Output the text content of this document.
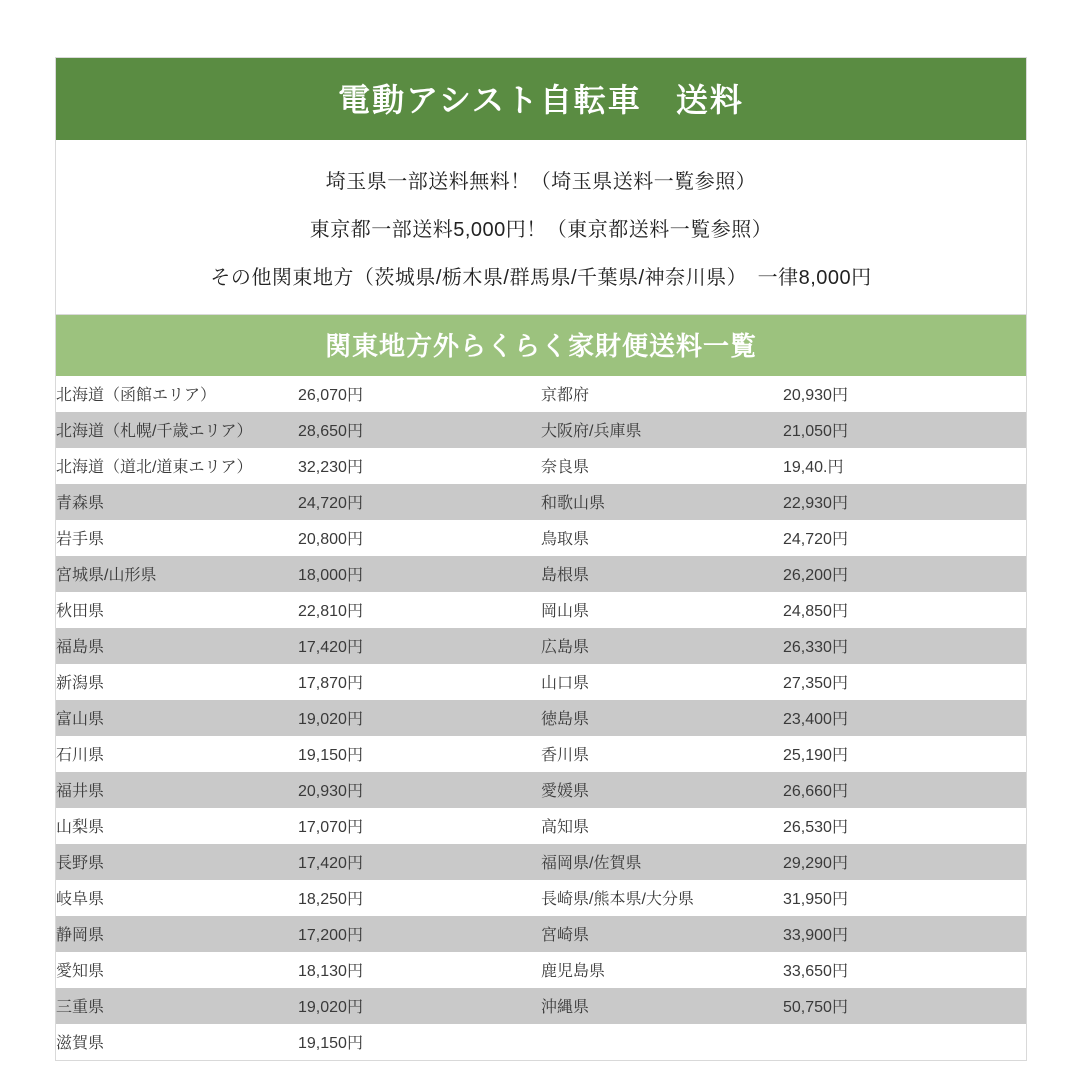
電動アシスト自転車　送料
埼玉県一部送料無料！（埼玉県送料一覧参照）
東京都一部送料5,000円！（東京都送料一覧参照）
その他関東地方（茨城県/栃木県/群馬県/千葉県/神奈川県）　一律8,000円
関東地方外らくらく家財便送料一覧
北海道（函館エリア）	26,070円	京都府	20,930円
北海道（札幌/千歳エリア）	28,650円	大阪府/兵庫県	21,050円
北海道（道北/道東エリア）	32,230円	奈良県	19,40.円
青森県	24,720円	和歌山県	22,930円
岩手県	20,800円	鳥取県	24,720円
宮城県/山形県	18,000円	島根県	26,200円
秋田県	22,810円	岡山県	24,850円
福島県	17,420円	広島県	26,330円
新潟県	17,870円	山口県	27,350円
富山県	19,020円	徳島県	23,400円
石川県	19,150円	香川県	25,190円
福井県	20,930円	愛媛県	26,660円
山梨県	17,070円	高知県	26,530円
長野県	17,420円	福岡県/佐賀県	29,290円
岐阜県	18,250円	長崎県/熊本県/大分県	31,950円
静岡県	17,200円	宮崎県	33,900円
愛知県	18,130円	鹿児島県	33,650円
三重県	19,020円	沖縄県	50,750円
滋賀県	19,150円		
